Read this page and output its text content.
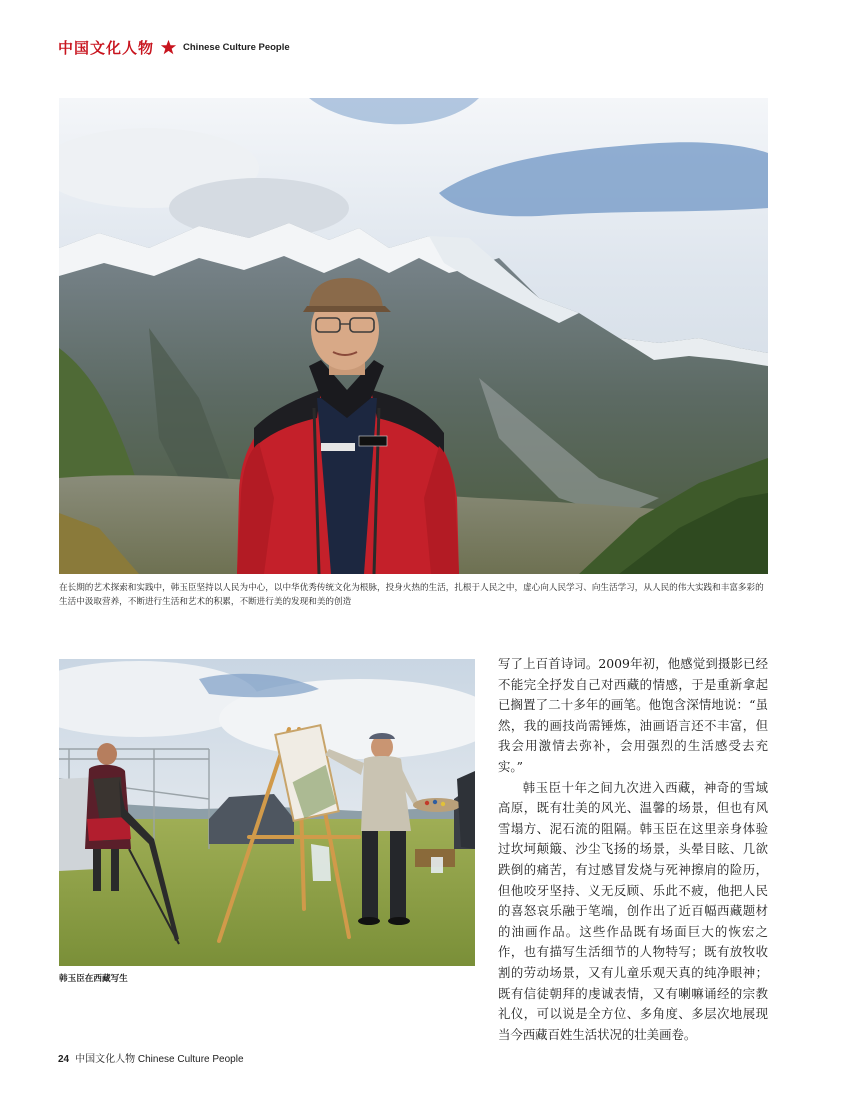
中国文化人物	Chinese Culture People
在长期的艺术探索和实践中，韩玉臣坚持以人民为中心，以中华优秀传统文化为根脉，投身火热的生活，扎根于人民之中，虚心向人民学习、向生活学习，从人民的伟大实践和丰富多彩的生活中汲取营养，不断进行生活和艺术的积累，不断进行美的发现和美的创造
韩玉臣在西藏写生

写了上百首诗词。2009年初，他感觉到摄影已经不能完全抒发自己对西藏的情感，于是重新拿起已搁置了二十多年的画笔。他饱含深情地说：“虽然，我的画技尚需锤炼，油画语言还不丰富，但我会用激情去弥补，会用强烈的生活感受去充实。”

韩玉臣十年之间九次进入西藏，神奇的雪域高原，既有壮美的风光、温馨的场景，但也有风雪塌方、泥石流的阻隔。韩玉臣在这里亲身体验过坎坷颠簸、沙尘飞扬的场景，头晕目眩、几欲跌倒的痛苦，有过感冒发烧与死神擦肩的险历，但他咬牙坚持、义无反顾、乐此不疲，他把人民的喜怒哀乐融于笔端，创作出了近百幅西藏题材的油画作品。这些作品既有场面巨大的恢宏之作，也有描写生活细节的人物特写；既有放牧收割的劳动场景，又有儿童乐观天真的纯净眼神；既有信徒朝拜的虔诚表情，又有喇嘛诵经的宗教礼仪，可以说是全方位、多角度、多层次地展现当今西藏百姓生活状况的壮美画卷。

24 中国文化人物 Chinese Culture People
